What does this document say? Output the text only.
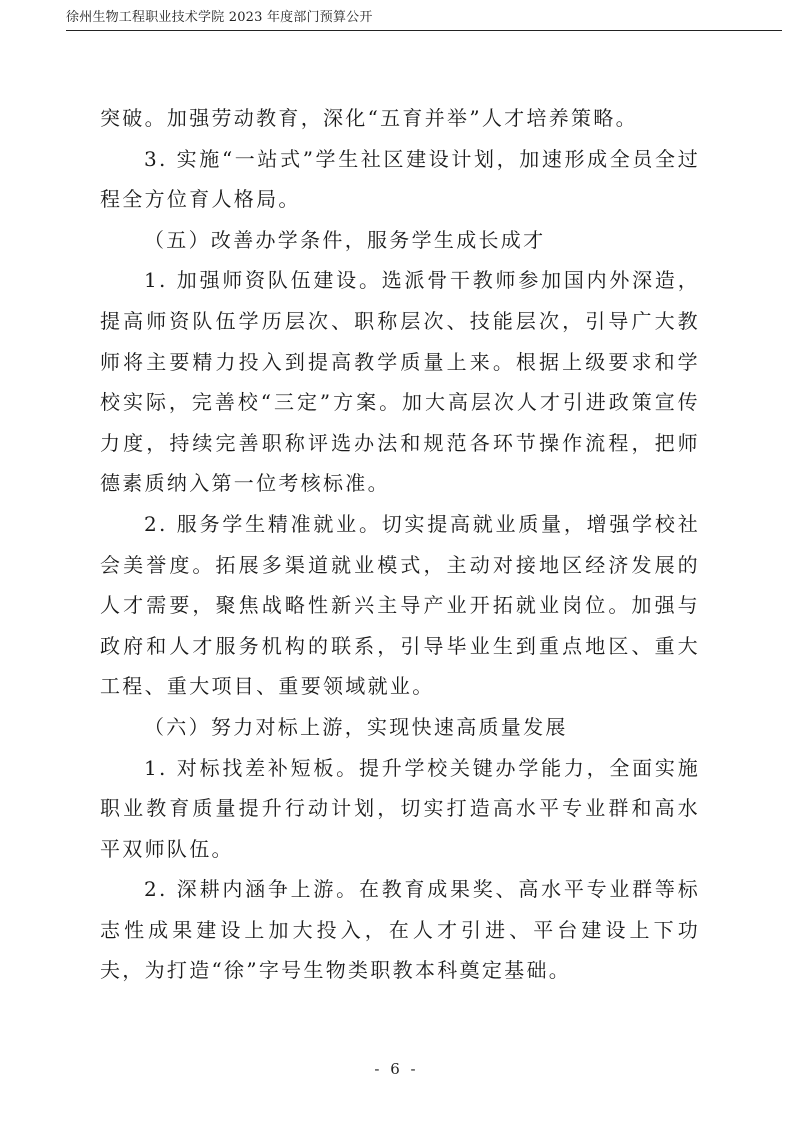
徐州生物工程职业技术学院 2023 年度部门预算公开

突破。加强劳动教育，深化“五育并举”人才培养策略。

3. 实施“一站式”学生社区建设计划，加速形成全员全过程全方位育人格局。

（五）改善办学条件，服务学生成长成才

1. 加强师资队伍建设。选派骨干教师参加国内外深造，提高师资队伍学历层次、职称层次、技能层次，引导广大教师将主要精力投入到提高教学质量上来。根据上级要求和学校实际，完善校“三定”方案。加大高层次人才引进政策宣传力度，持续完善职称评选办法和规范各环节操作流程，把师德素质纳入第一位考核标准。

2. 服务学生精准就业。切实提高就业质量，增强学校社会美誉度。拓展多渠道就业模式，主动对接地区经济发展的人才需要，聚焦战略性新兴主导产业开拓就业岗位。加强与政府和人才服务机构的联系，引导毕业生到重点地区、重大工程、重大项目、重要领域就业。

（六）努力对标上游，实现快速高质量发展

1. 对标找差补短板。提升学校关键办学能力，全面实施职业教育质量提升行动计划，切实打造高水平专业群和高水平双师队伍。

2. 深耕内涵争上游。在教育成果奖、高水平专业群等标志性成果建设上加大投入，在人才引进、平台建设上下功夫，为打造“徐”字号生物类职教本科奠定基础。

- 6 -
